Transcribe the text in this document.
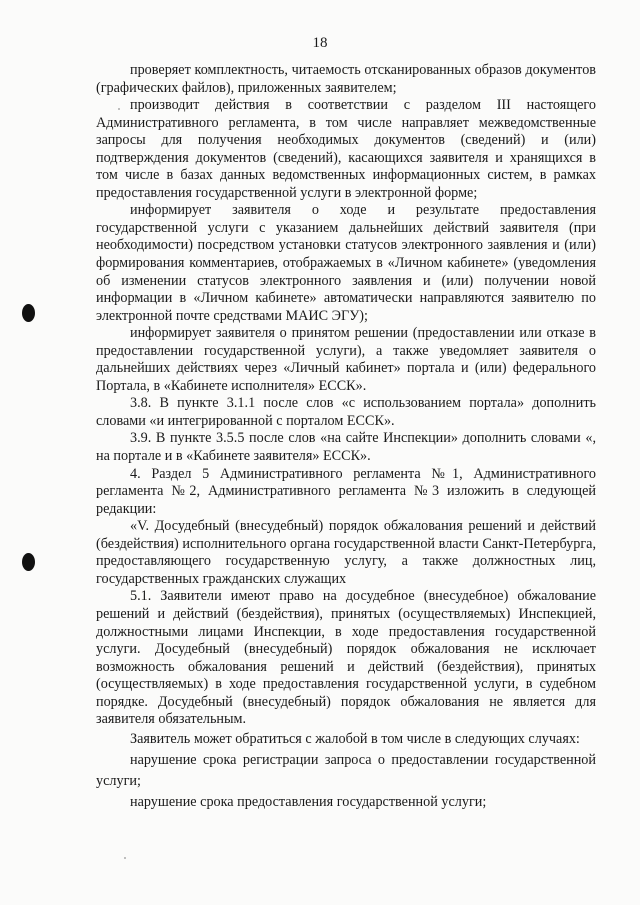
18

проверяет комплектность, читаемость отсканированных образов документов (графических файлов), приложенных заявителем;

производит действия в соответствии с разделом III настоящего Административного регламента, в том числе направляет межведомственные запросы для получения необходимых документов (сведений) и (или) подтверждения документов (сведений), касающихся заявителя и хранящихся в том числе в базах данных ведомственных информационных систем, в рамках предоставления государственной услуги в электронной форме;

информирует заявителя о ходе и результате предоставления государственной услуги с указанием дальнейших действий заявителя (при необходимости) посредством установки статусов электронного заявления и (или) формирования комментариев, отображаемых в «Личном кабинете» (уведомления об изменении статусов электронного заявления и (или) получении новой информации в «Личном кабинете» автоматически направляются заявителю по электронной почте средствами МАИС ЭГУ);

информирует заявителя о принятом решении (предоставлении или отказе в предоставлении государственной услуги), а также уведомляет заявителя о дальнейших действиях через «Личный кабинет» портала и (или) федерального Портала, в «Кабинете исполнителя» ЕССК».

3.8. В пункте 3.1.1 после слов «с использованием портала» дополнить словами «и интегрированной с порталом ЕССК».

3.9. В пункте 3.5.5 после слов «на сайте Инспекции» дополнить словами «, на портале и в «Кабинете заявителя» ЕССК».

4. Раздел 5 Административного регламента №1, Административного регламента №2, Административного регламента №3 изложить в следующей редакции:

«V. Досудебный (внесудебный) порядок обжалования решений и действий (бездействия) исполнительного органа государственной власти Санкт-Петербурга, предоставляющего государственную услугу, а также должностных лиц, государственных гражданских служащих

5.1. Заявители имеют право на досудебное (внесудебное) обжалование решений и действий (бездействия), принятых (осуществляемых) Инспекцией, должностными лицами Инспекции, в ходе предоставления государственной услуги. Досудебный (внесудебный) порядок обжалования не исключает возможность обжалования решений и действий (бездействия), принятых (осуществляемых) в ходе предоставления государственной услуги, в судебном порядке. Досудебный (внесудебный) порядок обжалования не является для заявителя обязательным.

Заявитель может обратиться с жалобой в том числе в следующих случаях:

нарушение срока регистрации запроса о предоставлении государственной услуги;

нарушение срока предоставления государственной услуги;
